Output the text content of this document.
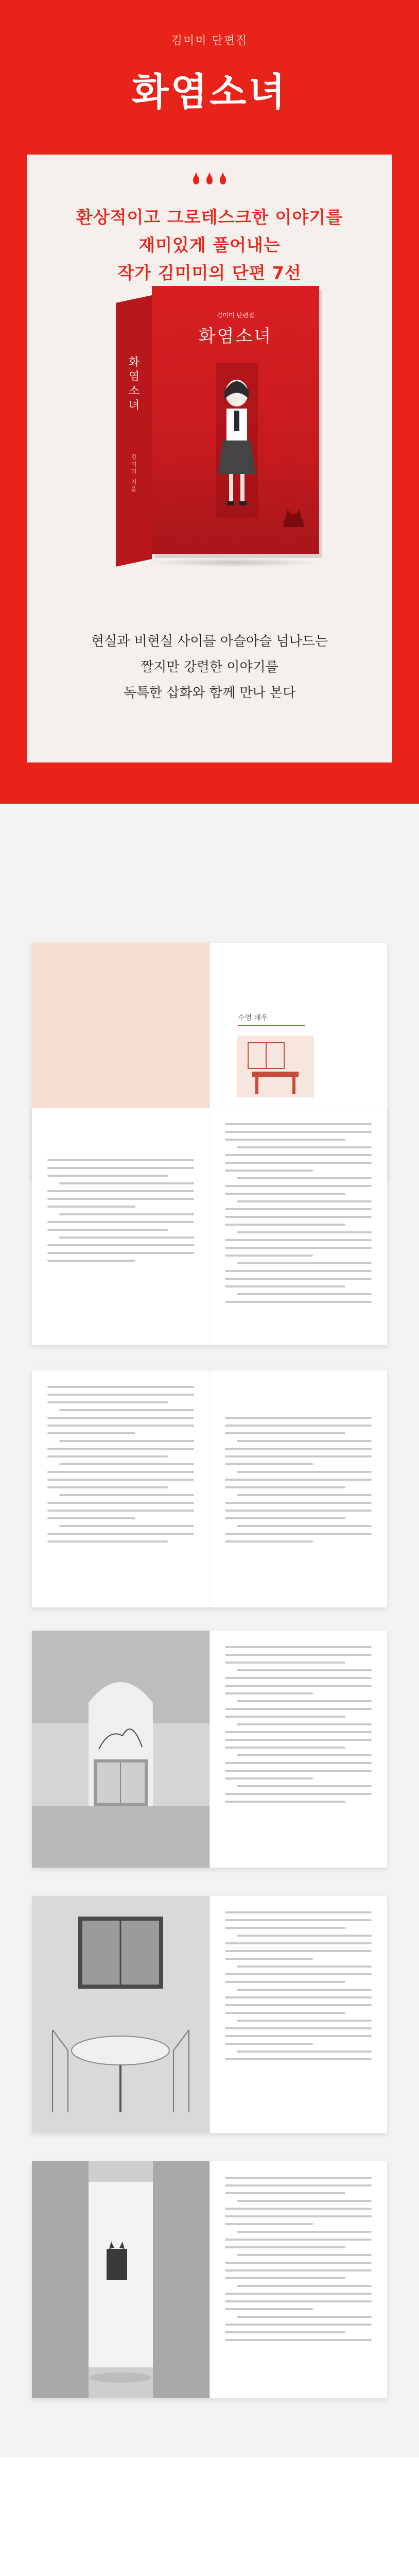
김미미 단편집
화염소녀
환상적이고 그로테스크한 이야기를
재미있게 풀어내는
작가 김미미의 단편 7선
화염소녀
김미미 지음
김미미 단편집
화염소녀
현실과 비현실 사이를 아슬아슬 넘나드는
짤지만 강렬한 이야기를
독특한 삽화와 함께 만나 본다
수영 배우
